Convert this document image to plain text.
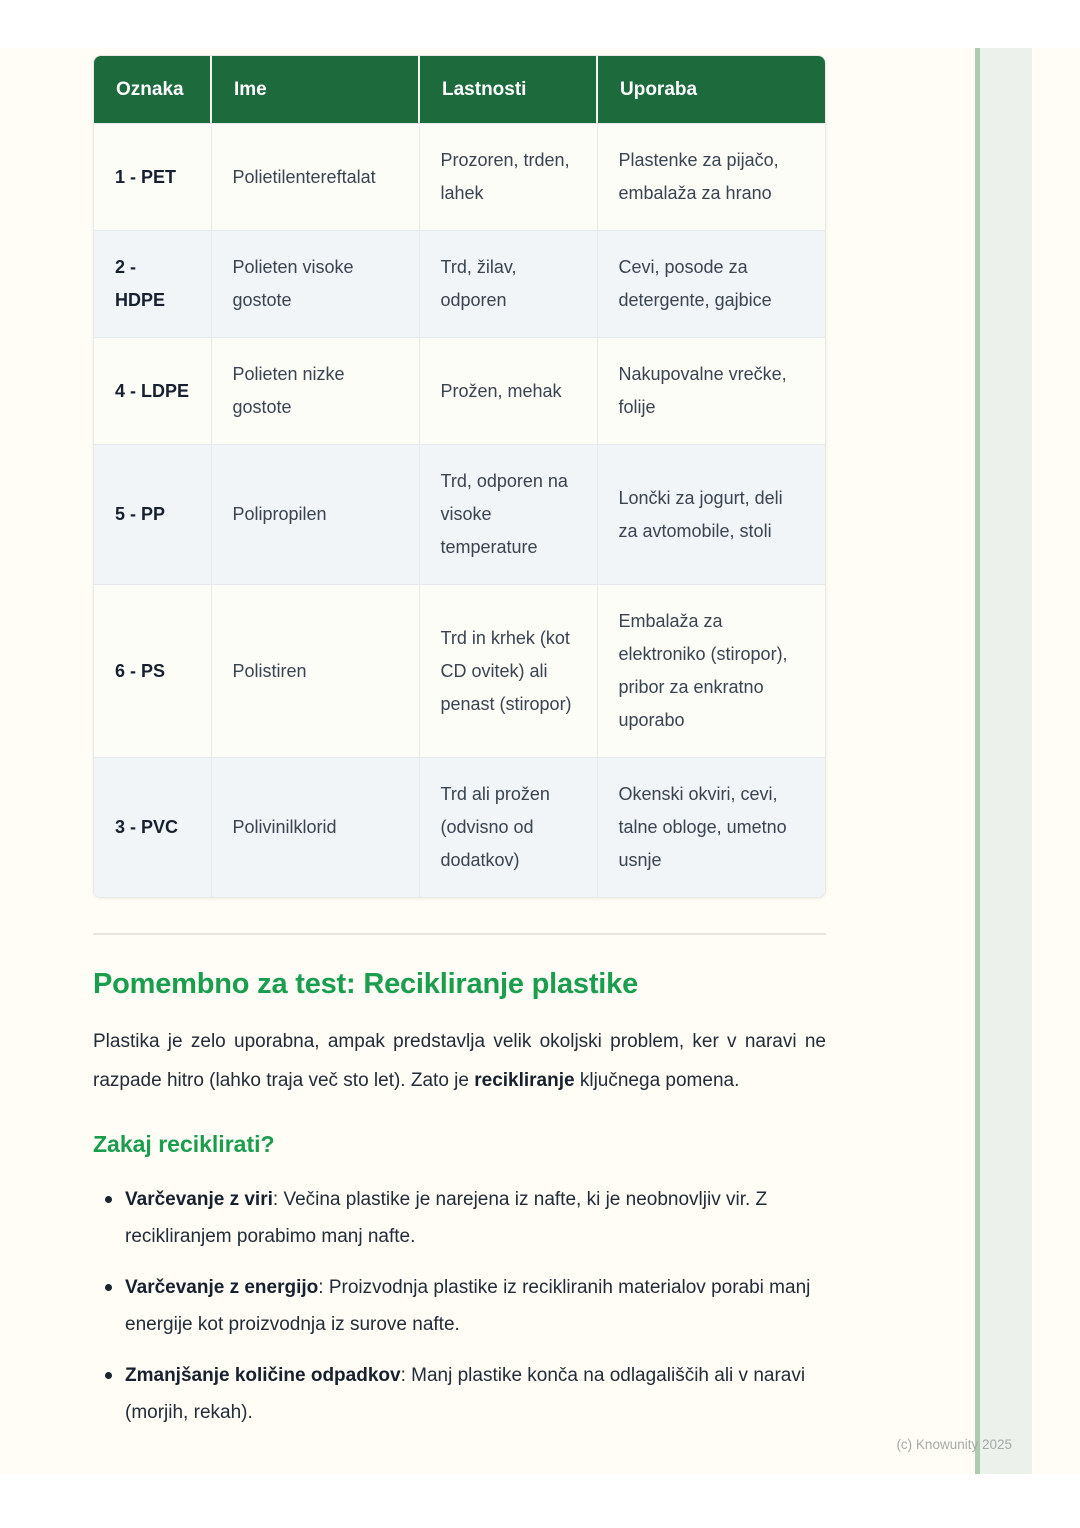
Oznaka	Ime	Lastnosti	Uporaba
1 - PET	Polietilentereftalat	Prozoren, trden, lahek	Plastenke za pijačo, embalaža za hrano
2 - HDPE	Polieten visoke gostote	Trd, žilav, odporen	Cevi, posode za detergente, gajbice
4 - LDPE	Polieten nizke gostote	Prožen, mehak	Nakupovalne vrečke, folije
5 - PP	Polipropilen	Trd, odporen na visoke temperature	Lončki za jogurt, deli za avtomobile, stoli
6 - PS	Polistiren	Trd in krhek (kot CD ovitek) ali penast (stiropor)	Embalaža za elektroniko (stiropor), pribor za enkratno uporabo
3 - PVC	Polivinilklorid	Trd ali prožen (odvisno od dodatkov)	Okenski okviri, cevi, talne obloge, umetno usnje
Pomembno za test: Recikliranje plastike

Plastika je zelo uporabna, ampak predstavlja velik okoljski problem, ker v naravi ne razpade hitro (lahko traja več sto let). Zato je recikliranje ključnega pomena.

Zakaj reciklirati?
Varčevanje z viri: Večina plastike je narejena iz nafte, ki je neobnovljiv vir. Z recikliranjem porabimo manj nafte.
Varčevanje z energijo: Proizvodnja plastike iz recikliranih materialov porabi manj energije kot proizvodnja iz surove nafte.
Zmanjšanje količine odpadkov: Manj plastike konča na odlagališčih ali v naravi (morjih, rekah).
(c) Knowunity 2025
